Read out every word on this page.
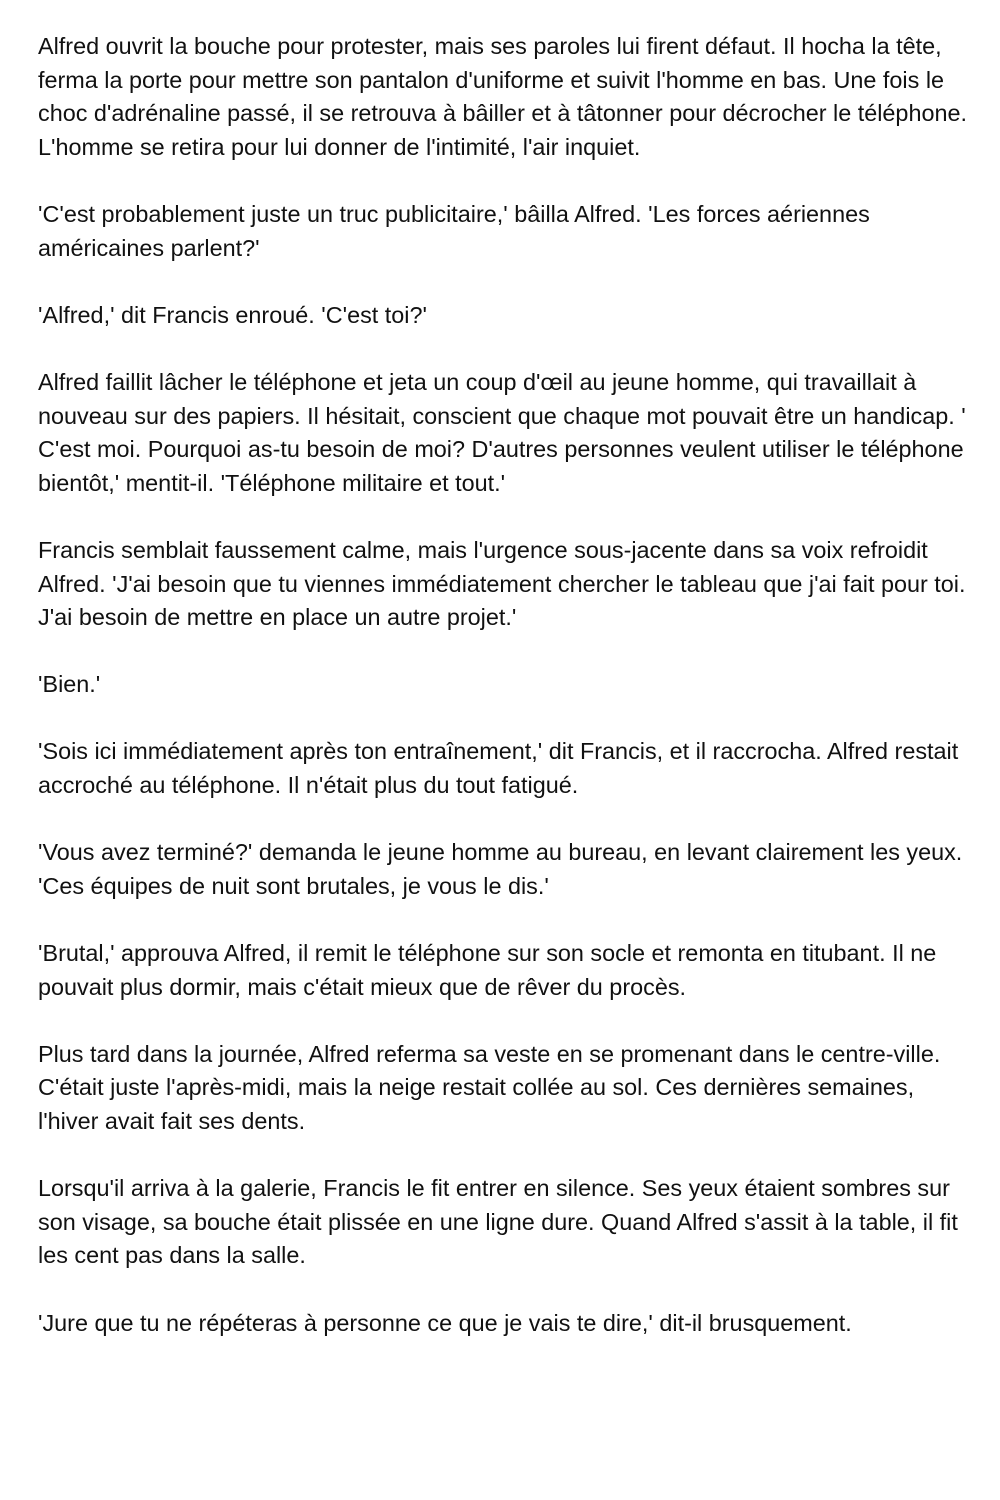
Alfred ouvrit la bouche pour protester, mais ses paroles lui firent défaut. Il hocha la tête, ferma la porte pour mettre son pantalon d'uniforme et suivit l'homme en bas. Une fois le choc d'adrénaline passé, il se retrouva à bâiller et à tâtonner pour décrocher le téléphone. L'homme se retira pour lui donner de l'intimité, l'air inquiet.

'C'est probablement juste un truc publicitaire,' bâilla Alfred. 'Les forces aériennes américaines parlent?'

'Alfred,' dit Francis enroué. 'C'est toi?'

Alfred faillit lâcher le téléphone et jeta un coup d'œil au jeune homme, qui travaillait à nouveau sur des papiers. Il hésitait, conscient que chaque mot pouvait être un handicap. ' C'est moi. Pourquoi as-tu besoin de moi? D'autres personnes veulent utiliser le téléphone bientôt,' mentit-il. 'Téléphone militaire et tout.'

Francis semblait faussement calme, mais l'urgence sous-jacente dans sa voix refroidit Alfred. 'J'ai besoin que tu viennes immédiatement chercher le tableau que j'ai fait pour toi. J'ai besoin de mettre en place un autre projet.'

'Bien.'

'Sois ici immédiatement après ton entraînement,' dit Francis, et il raccrocha. Alfred restait accroché au téléphone. Il n'était plus du tout fatigué.

'Vous avez terminé?' demanda le jeune homme au bureau, en levant clairement les yeux. 'Ces équipes de nuit sont brutales, je vous le dis.'

'Brutal,' approuva Alfred, il remit le téléphone sur son socle et remonta en titubant. Il ne pouvait plus dormir, mais c'était mieux que de rêver du procès.

Plus tard dans la journée, Alfred referma sa veste en se promenant dans le centre-ville. C'était juste l'après-midi, mais la neige restait collée au sol. Ces dernières semaines, l'hiver avait fait ses dents.

Lorsqu'il arriva à la galerie, Francis le fit entrer en silence. Ses yeux étaient sombres sur son visage, sa bouche était plissée en une ligne dure. Quand Alfred s'assit à la table, il fit les cent pas dans la salle.

'Jure que tu ne répéteras à personne ce que je vais te dire,' dit-il brusquement.
